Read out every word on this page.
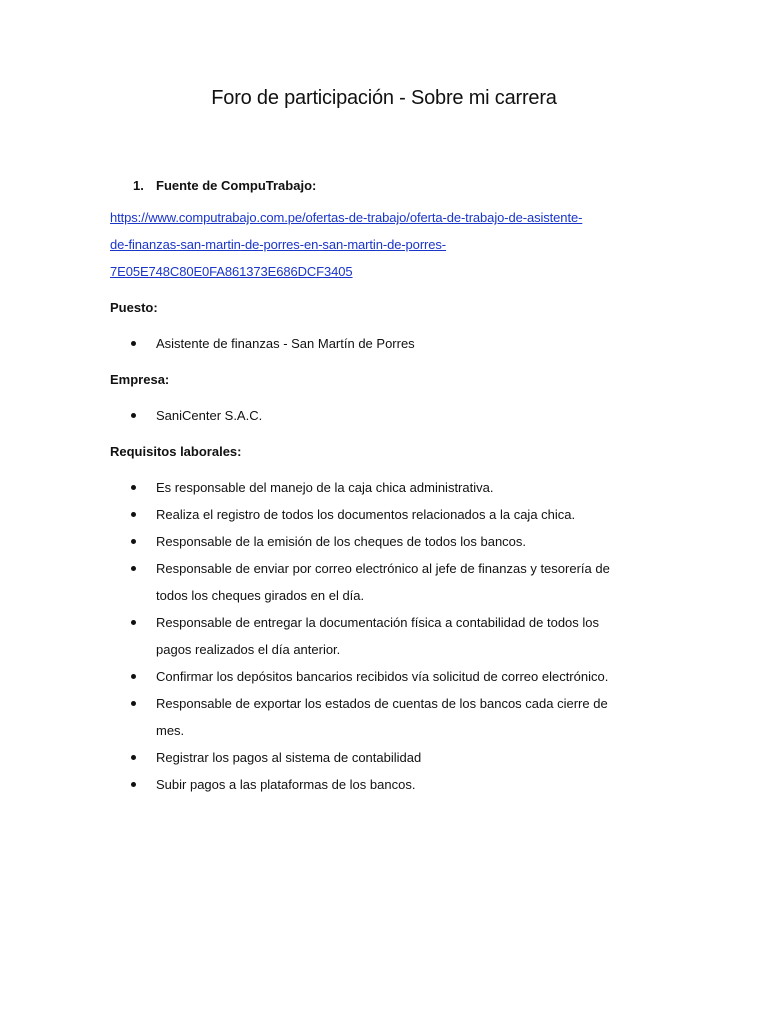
Foro de participación - Sobre mi carrera
1. Fuente de CompuTrabajo:
https://www.computrabajo.com.pe/ofertas-de-trabajo/oferta-de-trabajo-de-asistente-
de-finanzas-san-martin-de-porres-en-san-martin-de-porres-
7E05E748C80E0FA861373E686DCF3405
Puesto:
Asistente de finanzas - San Martín de Porres
Empresa:
SaniCenter S.A.C.
Requisitos laborales:
Es responsable del manejo de la caja chica administrativa.
Realiza el registro de todos los documentos relacionados a la caja chica.
Responsable de la emisión de los cheques de todos los bancos.
Responsable de enviar por correo electrónico al jefe de finanzas y tesorería de
todos los cheques girados en el día.
Responsable de entregar la documentación física a contabilidad de todos los
pagos realizados el día anterior.
Confirmar los depósitos bancarios recibidos vía solicitud de correo electrónico.
Responsable de exportar los estados de cuentas de los bancos cada cierre de
mes.
Registrar los pagos al sistema de contabilidad
Subir pagos a las plataformas de los bancos.
